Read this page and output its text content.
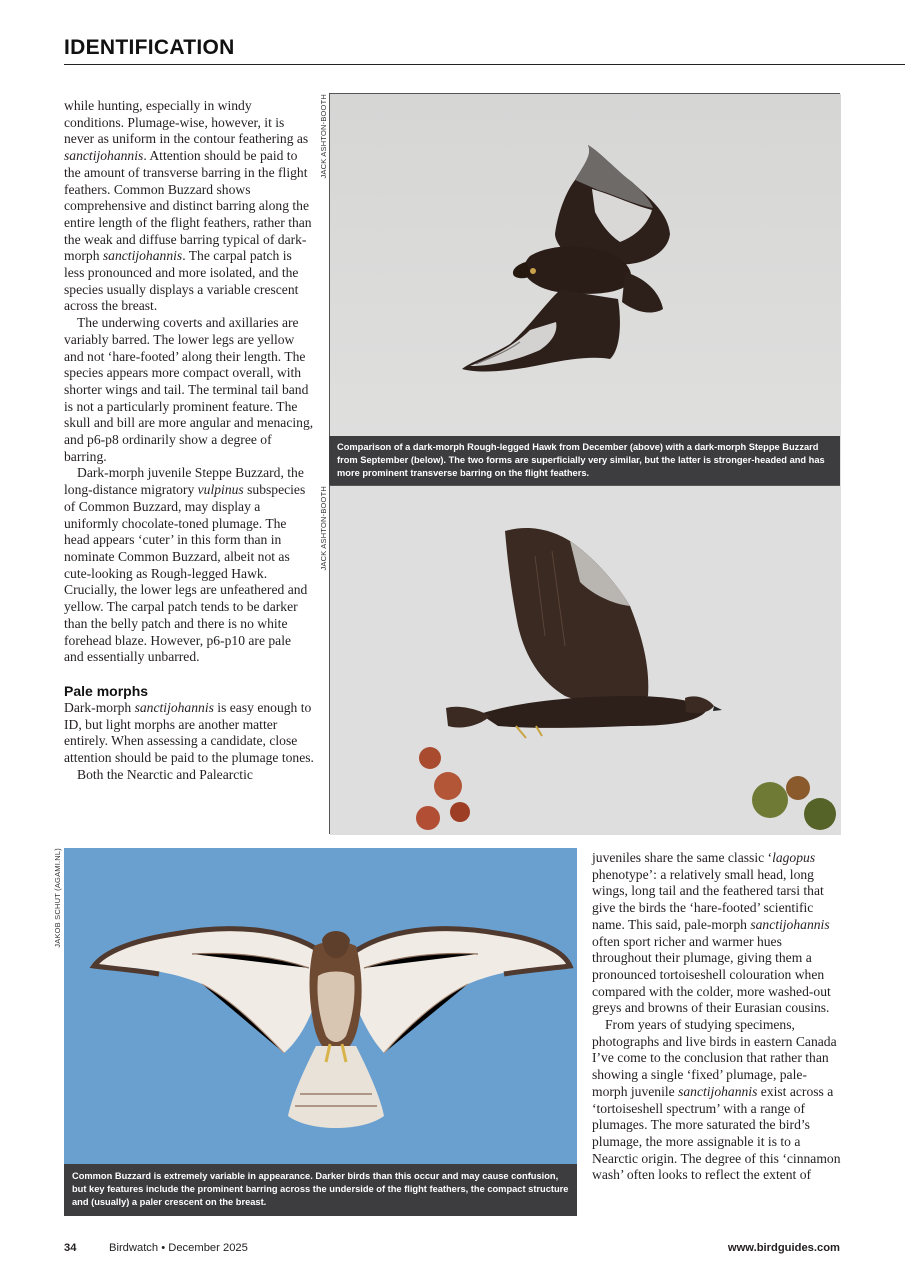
IDENTIFICATION

while hunting, especially in windy conditions. Plumage-wise, however, it is never as uniform in the contour feathering as sanctijohannis. Attention should be paid to the amount of transverse barring in the flight feathers. Common Buzzard shows comprehensive and distinct barring along the entire length of the flight feathers, rather than the weak and diffuse barring typical of dark-morph sanctijohannis. The carpal patch is less pronounced and more isolated, and the species usually displays a variable crescent across the breast.

The underwing coverts and axillaries are variably barred. The lower legs are yellow and not ‘hare-footed’ along their length. The species appears more compact overall, with shorter wings and tail. The terminal tail band is not a particularly prominent feature. The skull and bill are more angular and menacing, and p6-p8 ordinarily show a degree of barring.

Dark-morph juvenile Steppe Buzzard, the long-distance migratory vulpinus subspecies of Common Buzzard, may display a uniformly chocolate-toned plumage. The head appears ‘cuter’ in this form than in nominate Common Buzzard, albeit not as cute-looking as Rough-legged Hawk. Crucially, the lower legs are unfeathered and yellow. The carpal patch tends to be darker than the belly patch and there is no white forehead blaze. However, p6-p10 are pale and essentially unbarred.

Pale morphs

Dark-morph sanctijohannis is easy enough to ID, but light morphs are another matter entirely. When assessing a candidate, close attention should be paid to the plumage tones.

Both the Nearctic and Palearctic

JACK ASHTON-BOOTH
JACK ASHTON-BOOTH
Comparison of a dark-morph Rough-legged Hawk from December (above) with a dark-morph Steppe Buzzard from September (below). The two forms are superficially very similar, but the latter is stronger-headed and has more prominent transverse barring on the flight feathers.
JAKOB SCHUT (AGAMI.NL)
Common Buzzard is extremely variable in appearance. Darker birds than this occur and may cause confusion, but key features include the prominent barring across the underside of the flight feathers, the compact structure and (usually) a paler crescent on the breast.

juveniles share the same classic ‘lagopus phenotype’: a relatively small head, long wings, long tail and the feathered tarsi that give the birds the ‘hare-footed’ scientific name. This said, pale-morph sanctijohannis often sport richer and warmer hues throughout their plumage, giving them a pronounced tortoiseshell colouration when compared with the colder, more washed-out greys and browns of their Eurasian cousins.

From years of studying specimens, photographs and live birds in eastern Canada I’ve come to the conclusion that rather than showing a single ‘fixed’ plumage, pale-morph juvenile sanctijohannis exist across a ‘tortoiseshell spectrum’ with a range of plumages. The more saturated the bird’s plumage, the more assignable it is to a Nearctic origin. The degree of this ‘cinnamon wash’ often looks to reflect the extent of

34	Birdwatch • December 2025	www.birdguides.com
